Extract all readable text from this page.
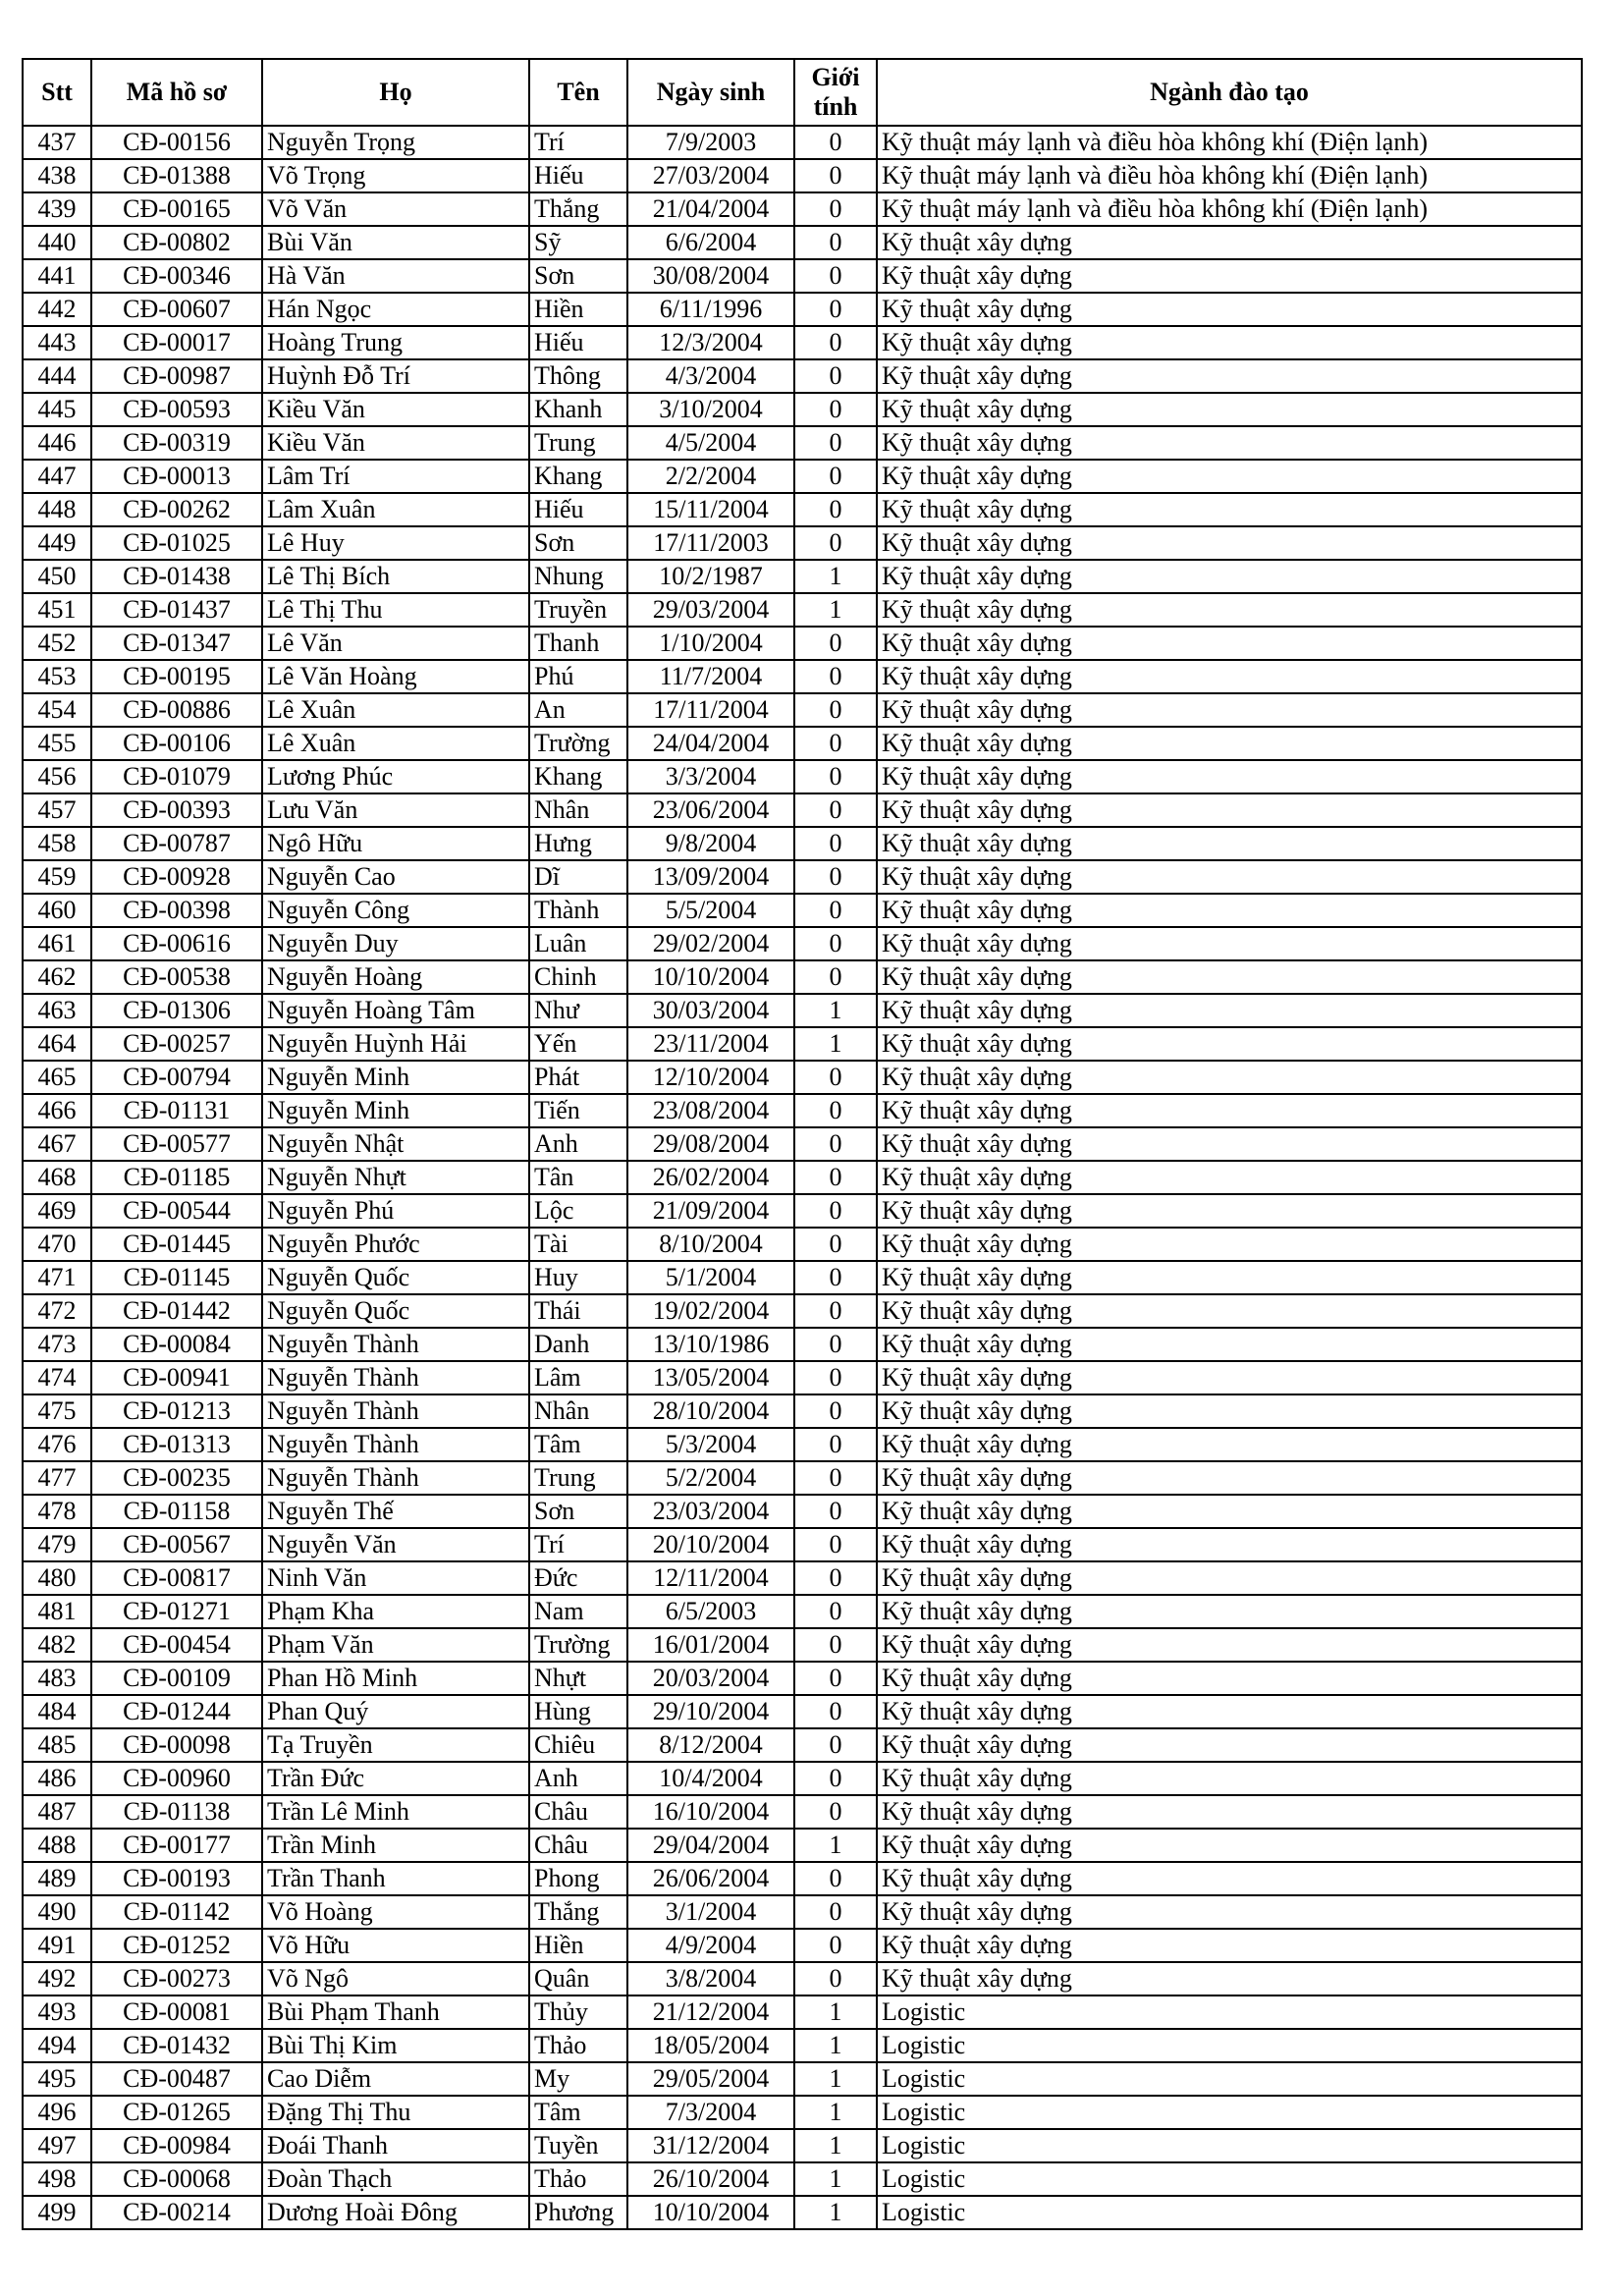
Stt	Mã hồ sơ	Họ	Tên	Ngày sinh	Giới tính	Ngành đào tạo
437	CĐ-00156	Nguyễn Trọng	Trí	7/9/2003	0	Kỹ thuật máy lạnh và điều hòa không khí (Điện lạnh)
438	CĐ-01388	Võ Trọng	Hiếu	27/03/2004	0	Kỹ thuật máy lạnh và điều hòa không khí (Điện lạnh)
439	CĐ-00165	Võ Văn	Thắng	21/04/2004	0	Kỹ thuật máy lạnh và điều hòa không khí (Điện lạnh)
440	CĐ-00802	Bùi Văn	Sỹ	6/6/2004	0	Kỹ thuật xây dựng
441	CĐ-00346	Hà Văn	Sơn	30/08/2004	0	Kỹ thuật xây dựng
442	CĐ-00607	Hán Ngọc	Hiền	6/11/1996	0	Kỹ thuật xây dựng
443	CĐ-00017	Hoàng Trung	Hiếu	12/3/2004	0	Kỹ thuật xây dựng
444	CĐ-00987	Huỳnh Đỗ Trí	Thông	4/3/2004	0	Kỹ thuật xây dựng
445	CĐ-00593	Kiều Văn	Khanh	3/10/2004	0	Kỹ thuật xây dựng
446	CĐ-00319	Kiều Văn	Trung	4/5/2004	0	Kỹ thuật xây dựng
447	CĐ-00013	Lâm Trí	Khang	2/2/2004	0	Kỹ thuật xây dựng
448	CĐ-00262	Lâm Xuân	Hiếu	15/11/2004	0	Kỹ thuật xây dựng
449	CĐ-01025	Lê Huy	Sơn	17/11/2003	0	Kỹ thuật xây dựng
450	CĐ-01438	Lê Thị Bích	Nhung	10/2/1987	1	Kỹ thuật xây dựng
451	CĐ-01437	Lê Thị Thu	Truyền	29/03/2004	1	Kỹ thuật xây dựng
452	CĐ-01347	Lê Văn	Thanh	1/10/2004	0	Kỹ thuật xây dựng
453	CĐ-00195	Lê Văn Hoàng	Phú	11/7/2004	0	Kỹ thuật xây dựng
454	CĐ-00886	Lê Xuân	An	17/11/2004	0	Kỹ thuật xây dựng
455	CĐ-00106	Lê Xuân	Trường	24/04/2004	0	Kỹ thuật xây dựng
456	CĐ-01079	Lương Phúc	Khang	3/3/2004	0	Kỹ thuật xây dựng
457	CĐ-00393	Lưu Văn	Nhân	23/06/2004	0	Kỹ thuật xây dựng
458	CĐ-00787	Ngô Hữu	Hưng	9/8/2004	0	Kỹ thuật xây dựng
459	CĐ-00928	Nguyễn Cao	Dĩ	13/09/2004	0	Kỹ thuật xây dựng
460	CĐ-00398	Nguyễn Công	Thành	5/5/2004	0	Kỹ thuật xây dựng
461	CĐ-00616	Nguyễn Duy	Luân	29/02/2004	0	Kỹ thuật xây dựng
462	CĐ-00538	Nguyễn Hoàng	Chinh	10/10/2004	0	Kỹ thuật xây dựng
463	CĐ-01306	Nguyễn Hoàng Tâm	Như	30/03/2004	1	Kỹ thuật xây dựng
464	CĐ-00257	Nguyễn Huỳnh Hải	Yến	23/11/2004	1	Kỹ thuật xây dựng
465	CĐ-00794	Nguyễn Minh	Phát	12/10/2004	0	Kỹ thuật xây dựng
466	CĐ-01131	Nguyễn Minh	Tiến	23/08/2004	0	Kỹ thuật xây dựng
467	CĐ-00577	Nguyễn Nhật	Anh	29/08/2004	0	Kỹ thuật xây dựng
468	CĐ-01185	Nguyễn Nhựt	Tân	26/02/2004	0	Kỹ thuật xây dựng
469	CĐ-00544	Nguyễn Phú	Lộc	21/09/2004	0	Kỹ thuật xây dựng
470	CĐ-01445	Nguyễn Phước	Tài	8/10/2004	0	Kỹ thuật xây dựng
471	CĐ-01145	Nguyễn Quốc	Huy	5/1/2004	0	Kỹ thuật xây dựng
472	CĐ-01442	Nguyễn Quốc	Thái	19/02/2004	0	Kỹ thuật xây dựng
473	CĐ-00084	Nguyễn Thành	Danh	13/10/1986	0	Kỹ thuật xây dựng
474	CĐ-00941	Nguyễn Thành	Lâm	13/05/2004	0	Kỹ thuật xây dựng
475	CĐ-01213	Nguyễn Thành	Nhân	28/10/2004	0	Kỹ thuật xây dựng
476	CĐ-01313	Nguyễn Thành	Tâm	5/3/2004	0	Kỹ thuật xây dựng
477	CĐ-00235	Nguyễn Thành	Trung	5/2/2004	0	Kỹ thuật xây dựng
478	CĐ-01158	Nguyễn Thế	Sơn	23/03/2004	0	Kỹ thuật xây dựng
479	CĐ-00567	Nguyễn Văn	Trí	20/10/2004	0	Kỹ thuật xây dựng
480	CĐ-00817	Ninh Văn	Đức	12/11/2004	0	Kỹ thuật xây dựng
481	CĐ-01271	Phạm Kha	Nam	6/5/2003	0	Kỹ thuật xây dựng
482	CĐ-00454	Phạm Văn	Trường	16/01/2004	0	Kỹ thuật xây dựng
483	CĐ-00109	Phan Hồ Minh	Nhựt	20/03/2004	0	Kỹ thuật xây dựng
484	CĐ-01244	Phan Quý	Hùng	29/10/2004	0	Kỹ thuật xây dựng
485	CĐ-00098	Tạ Truyền	Chiêu	8/12/2004	0	Kỹ thuật xây dựng
486	CĐ-00960	Trần Đức	Anh	10/4/2004	0	Kỹ thuật xây dựng
487	CĐ-01138	Trần Lê Minh	Châu	16/10/2004	0	Kỹ thuật xây dựng
488	CĐ-00177	Trần Minh	Châu	29/04/2004	1	Kỹ thuật xây dựng
489	CĐ-00193	Trần Thanh	Phong	26/06/2004	0	Kỹ thuật xây dựng
490	CĐ-01142	Võ Hoàng	Thắng	3/1/2004	0	Kỹ thuật xây dựng
491	CĐ-01252	Võ Hữu	Hiền	4/9/2004	0	Kỹ thuật xây dựng
492	CĐ-00273	Võ Ngô	Quân	3/8/2004	0	Kỹ thuật xây dựng
493	CĐ-00081	Bùi Phạm Thanh	Thủy	21/12/2004	1	Logistic
494	CĐ-01432	Bùi Thị Kim	Thảo	18/05/2004	1	Logistic
495	CĐ-00487	Cao Diễm	My	29/05/2004	1	Logistic
496	CĐ-01265	Đặng Thị Thu	Tâm	7/3/2004	1	Logistic
497	CĐ-00984	Đoái Thanh	Tuyền	31/12/2004	1	Logistic
498	CĐ-00068	Đoàn Thạch	Thảo	26/10/2004	1	Logistic
499	CĐ-00214	Dương Hoài Đông	Phương	10/10/2004	1	Logistic
